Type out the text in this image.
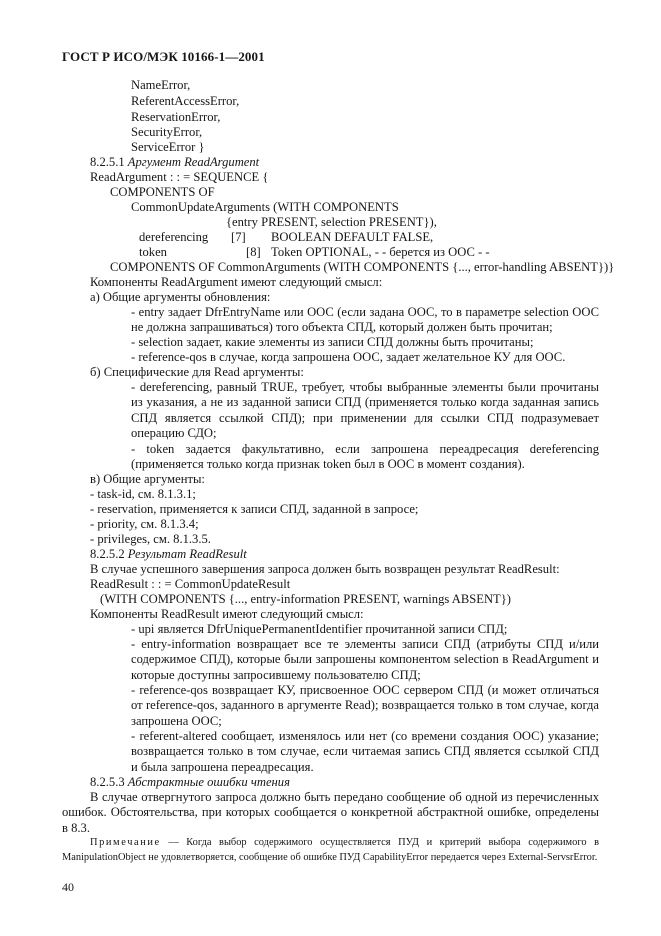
ГОСТ Р ИСО/МЭК 10166-1—2001
NameError,
ReferentAccessError,
ReservationError,
SecurityError,
ServiceError }
8.2.5.1 Аргумент ReadArgument
ReadArgument : : = SEQUENCE {
COMPONENTS OF
CommonUpdateArguments (WITH COMPONENTS
{entry PRESENT, selection PRESENT}),
dereferencing [7] BOOLEAN DEFAULT FALSE,
token	[8] Token OPTIONAL, - - берется из ООС - -
COMPONENTS OF CommonArguments (WITH COMPONENTS {..., error-handling ABSENT})}
Компоненты ReadArgument имеют следующий смысл:
а) Общие аргументы обновления:
- entry задает DfrEntryName или ООС (если задана ООС, то в параметре selection ООС не должна запрашиваться) того объекта СПД, который должен быть прочитан;
- selection задает, какие элементы из записи СПД должны быть прочитаны;
- reference-qos в случае, когда запрошена ООС, задает желательное КУ для ООС.
б) Специфические для Read аргументы:
- dereferencing, равный TRUE, требует, чтобы выбранные элементы были прочитаны из указания, а не из заданной записи СПД (применяется только когда заданная запись СПД является ссылкой СПД); при применении для ссылки СПД подразумевает операцию СДО;
- token задается факультативно, если запрошена переадресация dereferencing (применяется только когда признак token был в ООС в момент создания).
в) Общие аргументы:
- task-id, см. 8.1.3.1;
- reservation, применяется к записи СПД, заданной в запросе;
- priority, см. 8.1.3.4;
- privileges, см. 8.1.3.5.
8.2.5.2 Результат ReadResult
В случае успешного завершения запроса должен быть возвращен результат ReadResult:
ReadResult : : = CommonUpdateResult
(WITH COMPONENTS {..., entry-information PRESENT, warnings ABSENT})
Компоненты ReadResult имеют следующий смысл:
- upi является DfrUniquePermanentIdentifier прочитанной записи СПД;
- entry-information возвращает все те элементы записи СПД (атрибуты СПД и/или содержимое СПД), которые были запрошены компонентом selection в ReadArgument и которые доступны запросившему пользователю СПД;
- reference-qos возвращает КУ, присвоенное ООС сервером СПД (и может отличаться от reference-qos, заданного в аргументе Read); возвращается только в том случае, когда запрошена ООС;
- referent-altered сообщает, изменялось или нет (со времени создания ООС) указание; возвращается только в том случае, если читаемая запись СПД является ссылкой СПД и была запрошена переадресация.
8.2.5.3 Абстрактные ошибки чтения
В случае отвергнутого запроса должно быть передано сообщение об одной из перечисленных ошибок. Обстоятельства, при которых сообщается о конкретной абстрактной ошибке, определены в 8.3.
Примечание — Когда выбор содержимого осуществляется ПУД и критерий выбора содержимого в ManipulationObject не удовлетворяется, сообщение об ошибке ПУД CapabilityError передается через External-ServsrError.
40
